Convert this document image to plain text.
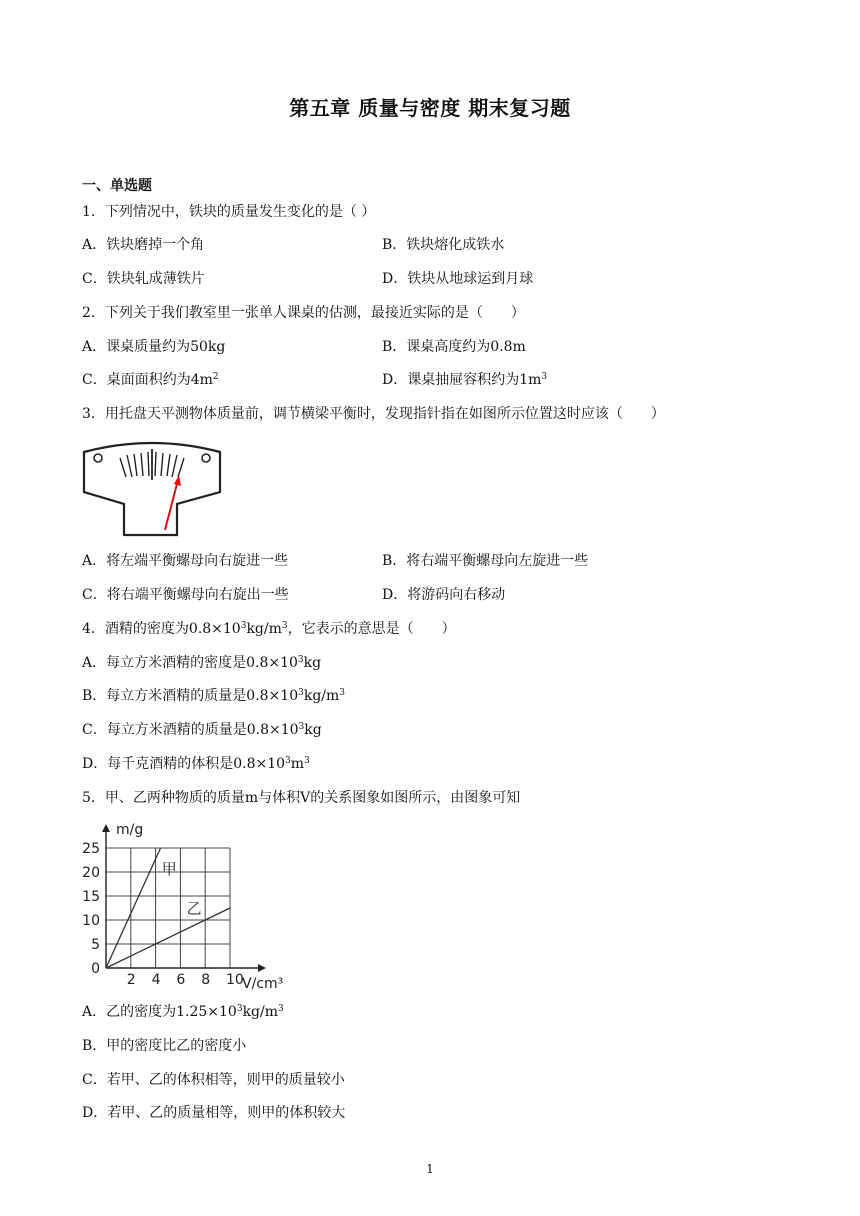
第五章 质量与密度 期末复习题
一、单选题
1．下列情况中，铁块的质量发生变化的是（ ）
A．铁块磨掉一个角	B．铁块熔化成铁水
C．铁块轧成薄铁片	D．铁块从地球运到月球
2．下列关于我们教室里一张单人课桌的估测，最接近实际的是（　　）
A．课桌质量约为50kg	B．课桌高度约为0.8m
C．桌面面积约为$4m^2$	D．课桌抽屉容积约为$1m^3$
3．用托盘天平测物体质量前，调节横梁平衡时，发现指针指在如图所示位置这时应该（　　）
A．将左端平衡螺母向右旋进一些	B．将右端平衡螺母向左旋进一些
C．将右端平衡螺母向右旋出一些	D．将游码向右移动
4．酒精的密度为$0.8\times 10^3kg/m^3$，它表示的意思是（　　）
A．每立方米酒精的密度是$0.8\times 10^3kg$
B．每立方米酒精的质量是$0.8\times 10^3kg/m^3$
C．每立方米酒精的质量是$0.8\times 10^3kg$
D．每千克酒精的体积是$0.8\times 10^3m^3$
5．甲、乙两种物质的质量m与体积V的关系图象如图所示，由图象可知
2 4 6 8 10
0
5
10
15
20
25
m/g
V/cm³
甲
乙
A．乙的密度为$1.25\times 10^3kg/m^3$
B．甲的密度比乙的密度小
C．若甲、乙的体积相等，则甲的质量较小
D．若甲、乙的质量相等，则甲的体积较大
1
